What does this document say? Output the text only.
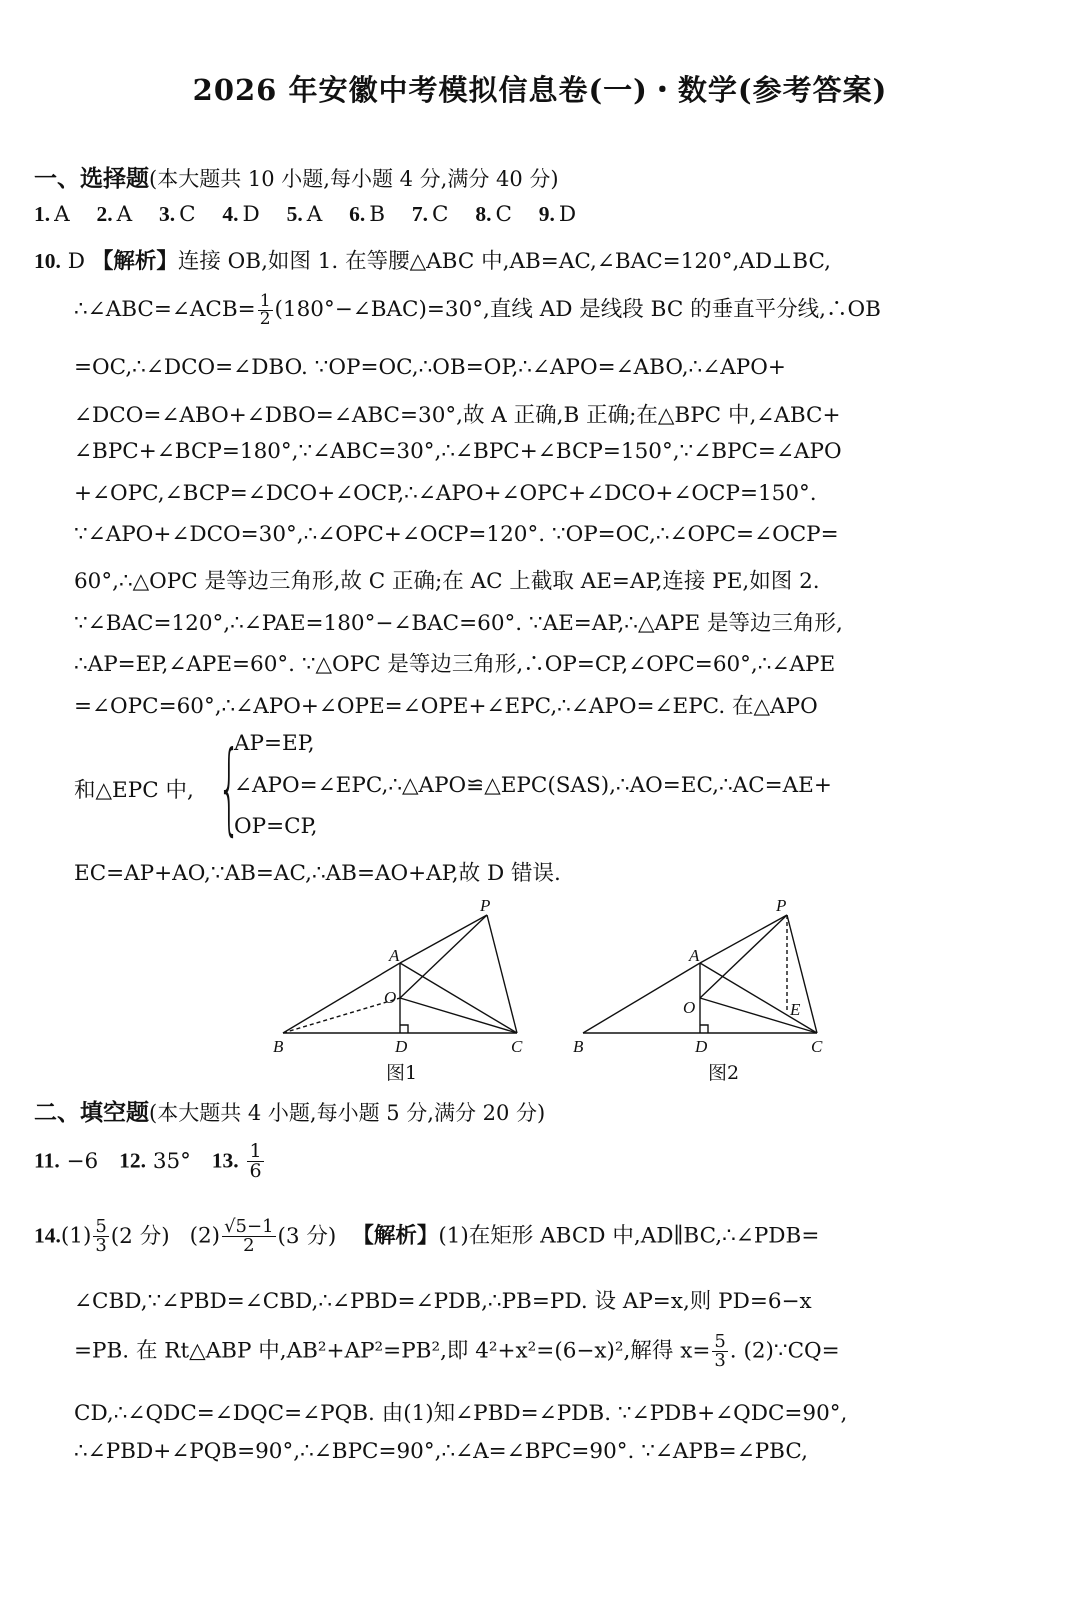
2026 年安徽中考模拟信息卷(一)・数学(参考答案)
一、选择题(本大题共 10 小题,每小题 4 分,满分 40 分)
1. A 2. A 3. C 4. D 5. A 6. B 7. C 8. C 9. D
10. D 【解析】连接 OB,如图 1. 在等腰△ABC 中,AB=AC,∠BAC=120°,AD⊥BC,
∴∠ABC=∠ACB= $\frac{1}{2}$ (180°−∠BAC)=30°,直线 AD 是线段 BC 的垂直平分线,∴OB
=OC,∴∠DCO=∠DBO. ∵OP=OC,∴OB=OP,∴∠APO=∠ABO,∴∠APO+
∠DCO=∠ABO+∠DBO=∠ABC=30°,故 A 正确,B 正确;在△BPC 中,∠ABC+
∠BPC+∠BCP=180°,∵∠ABC=30°,∴∠BPC+∠BCP=150°,∵∠BPC=∠APO
+∠OPC,∠BCP=∠DCO+∠OCP,∴∠APO+∠OPC+∠DCO+∠OCP=150°.
∵∠APO+∠DCO=30°,∴∠OPC+∠OCP=120°. ∵OP=OC,∴∠OPC=∠OCP=
60°,∴△OPC 是等边三角形,故 C 正确;在 AC 上截取 AE=AP,连接 PE,如图 2.
∵∠BAC=120°,∴∠PAE=180°−∠BAC=60°. ∵AE=AP,∴△APE 是等边三角形,
∴AP=EP,∠APE=60°. ∵△OPC 是等边三角形,∴OP=CP,∠OPC=60°,∴∠APE
=∠OPC=60°,∴∠APO+∠OPE=∠OPE+∠EPC,∴∠APO=∠EPC. 在△APO
AP=EP,
和△EPC 中, {
∠APO=∠EPC,∴△APO≌△EPC(SAS),∴AO=EC,∴AC=AE+
OP=CP,
EC=AP+AO,∵AB=AC,∴AB=AO+AP,故 D 错误.
P
A
O
B	D	C
图1
P
A
O	E
B	D	C
图2
二、填空题(本大题共 4 小题,每小题 5 分,满分 20 分)
11. −6 12. 35° 13. $\frac{1}{6}$
$14.(1) \frac{5}{3} (2$ 分) $(2) \frac{√5-1}{2} (3$ 分) 【解析】(1)在矩形 ABCD 中,AD∥BC,∴∠PDB=
∠CBD,∵∠PBD=∠CBD,∴∠PBD=∠PDB,∴PB=PD. 设 AP=x,则 PD=6−x
=PB. 在 Rt△ABP 中,AB²+AP²=PB²,即 4²+x²=(6−x)²,解得 $x= \frac{5}{3}$ . (2)∵CQ=
CD,∴∠QDC=∠DQC=∠PQB. 由(1)知∠PBD=∠PDB. ∵∠PDB+∠QDC=90°,
∴∠PBD+∠PQB=90°,∴∠BPC=90°,∴∠A=∠BPC=90°. ∵∠APB=∠PBC,
